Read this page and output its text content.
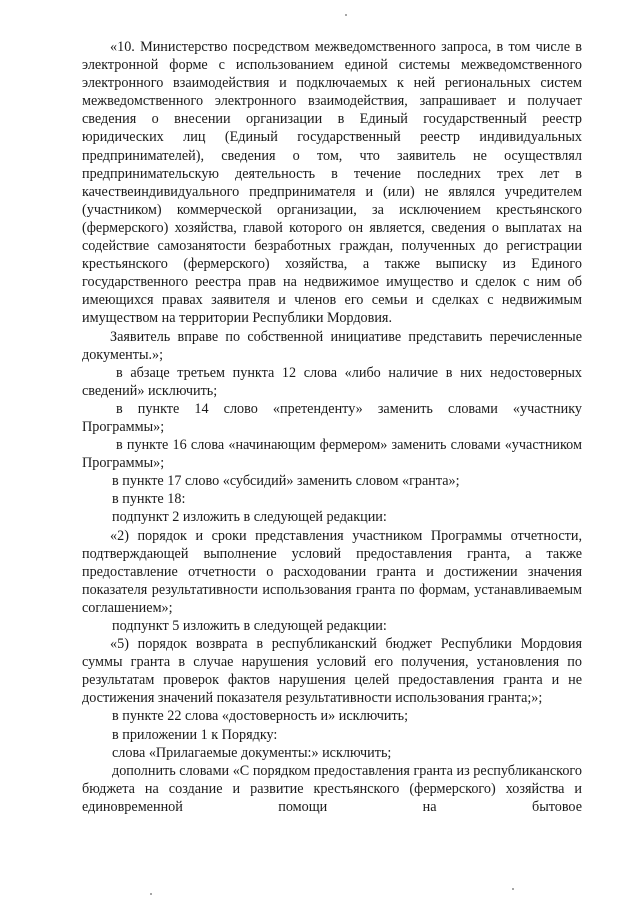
«10. Министерство посредством межведомственного запроса, в том числе в электронной форме с использованием единой системы межведомственного электронного взаимодействия и подключаемых к ней региональных систем межведомственного электронного взаимодействия, запрашивает и получает сведения о внесении организации в Единый государственный реестр юридических лиц (Единый государственный реестр индивидуальных предпринимателей), сведения о том, что заявитель не осуществлял предпринимательскую деятельность в течение последних трех лет в качествеиндивидуального предпринимателя и (или) не являлся учредителем (участником) коммерческой организации, за исключением крестьянского (фермерского) хозяйства, главой которого он является, сведения о выплатах на содействие самозанятости безработных граждан, полученных до регистрации крестьянского (фермерского) хозяйства, а также выписку из Единого государственного реестра прав на недвижимое имущество и сделок с ним об имеющихся правах заявителя и членов его семьи и сделках с недвижимым имуществом на территории Республики Мордовия.

Заявитель вправе по собственной инициативе представить перечисленные документы.»;

в абзаце третьем пункта 12 слова «либо наличие в них недостоверных сведений» исключить;

в пункте 14 слово «претенденту» заменить словами «участнику Программы»;

в пункте 16 слова «начинающим фермером» заменить словами «участником Программы»;

в пункте 17 слово «субсидий» заменить словом «гранта»;

в пункте 18:

подпункт 2 изложить в следующей редакции:

«2) порядок и сроки представления участником Программы отчетности, подтверждающей выполнение условий предоставления гранта, а также предоставление отчетности о расходовании гранта и достижении значения показателя результативности использования гранта по формам, устанавливаемым соглашением»;

подпункт 5 изложить в следующей редакции:

«5) порядок возврата в республиканский бюджет Республики Мордовия суммы гранта в случае нарушения условий его получения, установления по результатам проверок фактов нарушения целей предоставления гранта и не достижения значений показателя результативности использования гранта;»;

в пункте 22 слова «достоверность и» исключить;

в приложении 1 к Порядку:

слова «Прилагаемые документы:» исключить;

дополнить словами «С порядком предоставления гранта из республиканского бюджета на создание и развитие крестьянского (фермерского) хозяйства и единовременной помощи на бытовое
